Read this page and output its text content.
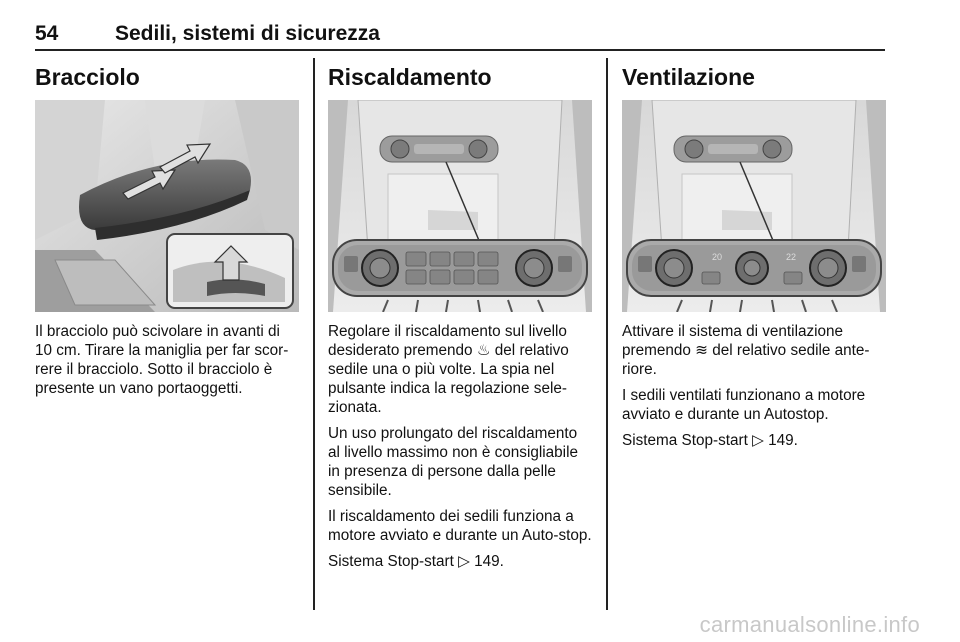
54	Sedili, sistemi di sicurezza
Bracciolo

Il bracciolo può scivolare in avanti di 10 cm. Tirare la maniglia per far scor-rere il bracciolo. Sotto il bracciolo è presente un vano portaoggetti.

Riscaldamento

Regolare il riscaldamento sul livello desiderato premendo ♨ del relativo sedile una o più volte. La spia nel pulsante indica la regolazione sele-zionata.

Un uso prolungato del riscaldamento al livello massimo non è consigliabile in presenza di persone dalla pelle sensibile.

Il riscaldamento dei sedili funziona a motore avviato e durante un Auto-stop.

Sistema Stop-start ▷ 149.

Ventilazione
20	22

Attivare il sistema di ventilazione premendo ≋ del relativo sedile ante-riore.

I sedili ventilati funzionano a motore avviato e durante un Autostop.

Sistema Stop-start ▷ 149.

carmanualsonline.info
